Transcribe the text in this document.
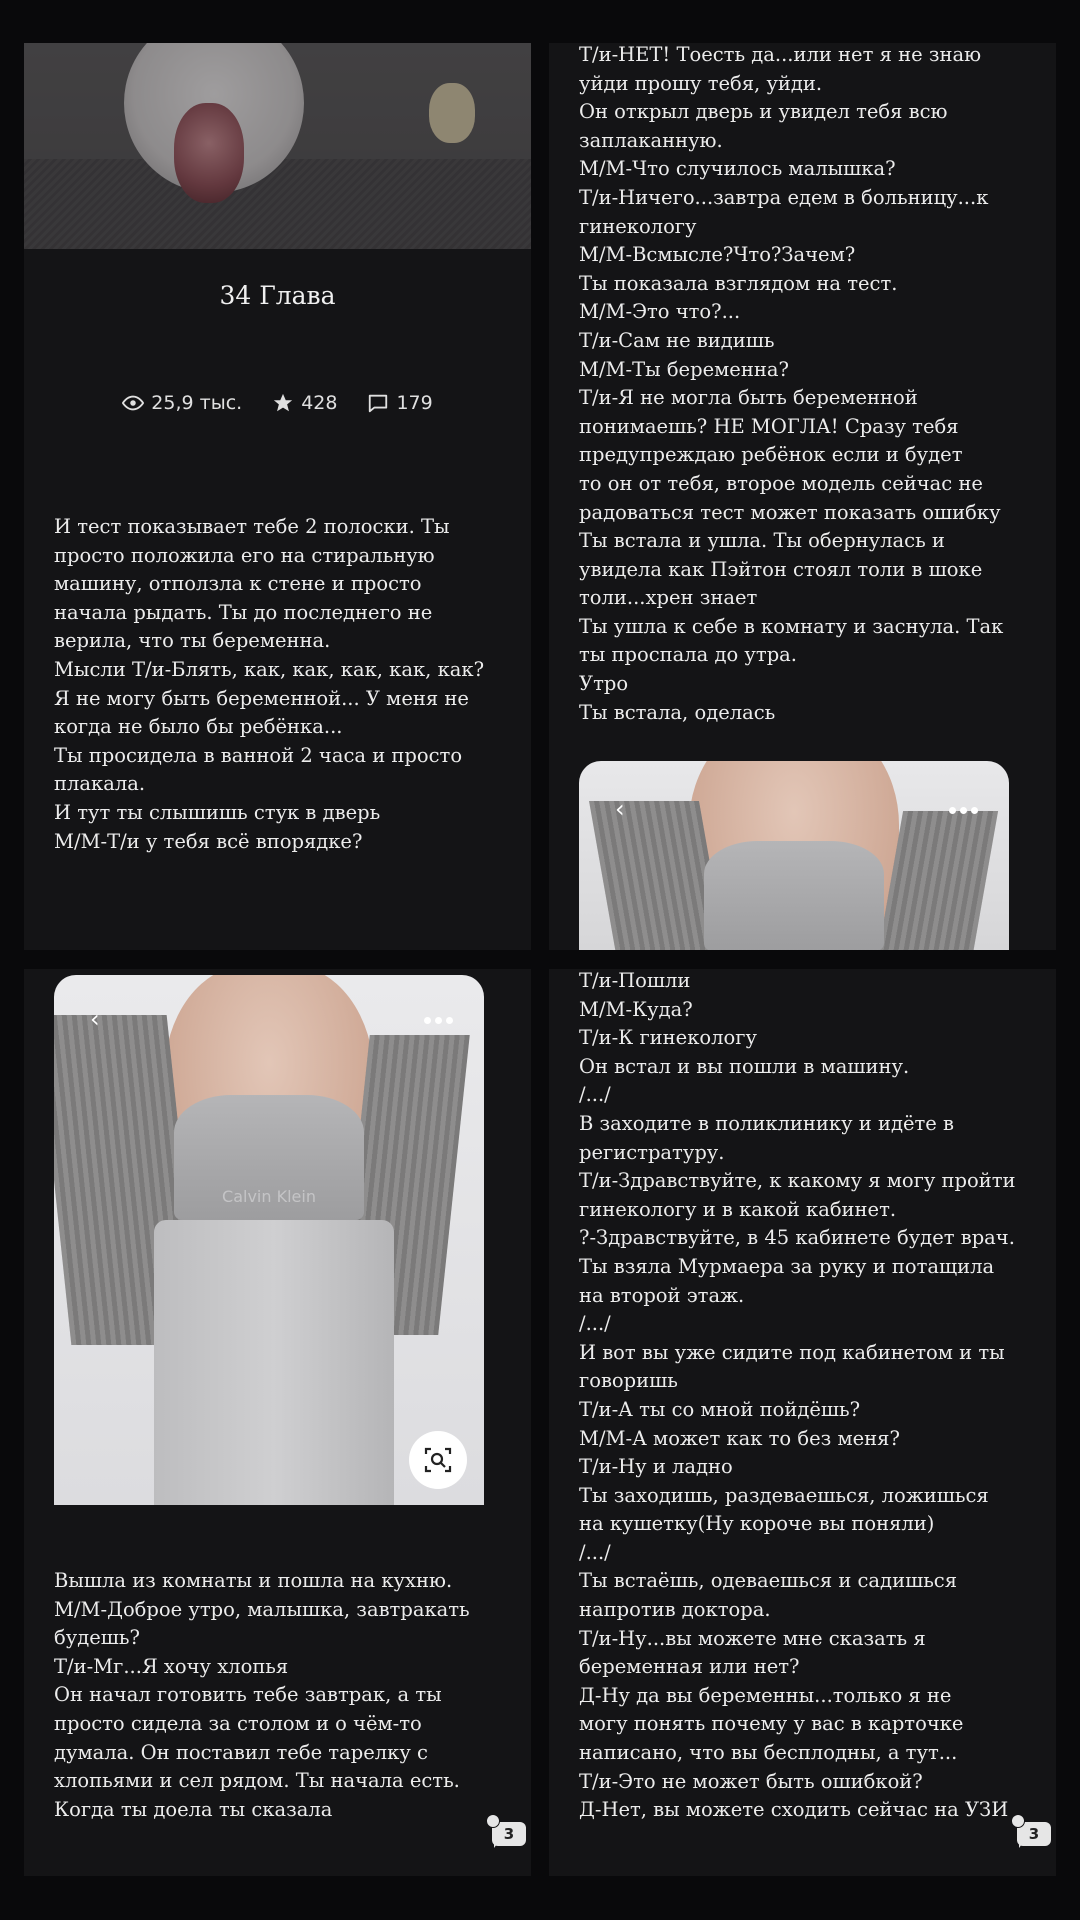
34 Глава
25,9 тыс.	428	179
И тест показывает тебе 2 полоски. Ты
просто положила его на стиральную
машину, отползла к стене и просто
начала рыдать. Ты до последнего не
верила, что ты беременна.
Мысли Т/и-Блять, как, как, как, как, как?
Я не могу быть беременной... У меня не
когда не было бы ребёнка...
Ты просидела в ванной 2 часа и просто
плакала.
И тут ты слышишь стук в дверь
М/М-Т/и у тебя всё впорядке?
Т/и-НЕТ! Тоесть да...или нет я не знаю
уйди прошу тебя, уйди.
Он открыл дверь и увидел тебя всю
заплаканную.
М/М-Что случилось малышка?
Т/и-Ничего...завтра едем в больницу...к
гинекологу
М/М-Всмысле?Что?Зачем?
Ты показала взглядом на тест.
М/М-Это что?...
Т/и-Сам не видишь
М/М-Ты беременна?
Т/и-Я не могла быть беременной
понимаешь? НЕ МОГЛА! Сразу тебя
предупреждаю ребёнок если и будет
то он от тебя, второе модель сейчас не
радоваться тест может показать ошибку
Ты встала и ушла. Ты обернулась и
увидела как Пэйтон стоял толи в шоке
толи...хрен знает
Ты ушла к себе в комнату и заснула. Так
ты проспала до утра.
Утро
Ты встала, оделась
‹
Calvin Klein
‹
Вышла из комнаты и пошла на кухню.
М/М-Доброе утро, малышка, завтракать
будешь?
Т/и-Мг...Я хочу хлопья
Он начал готовить тебе завтрак, а ты
просто сидела за столом и о чём-то
думала. Он поставил тебе тарелку с
хлопьями и сел рядом. Ты начала есть.
Когда ты доела ты сказала
3
Т/и-Пошли
М/М-Куда?
Т/и-К гинекологу
Он встал и вы пошли в машину.
/.../
В заходите в поликлинику и идёте в
регистратуру.
Т/и-Здравствуйте, к какому я могу пройти
гинекологу и в какой кабинет.
?-Здравствуйте, в 45 кабинете будет врач.
Ты взяла Мурмаера за руку и потащила
на второй этаж.
/.../
И вот вы уже сидите под кабинетом и ты
говоришь
Т/и-А ты со мной пойдёшь?
М/М-А может как то без меня?
Т/и-Ну и ладно
Ты заходишь, раздеваешься, ложишься
на кушетку(Ну короче вы поняли)
/.../
Ты встаёшь, одеваешься и садишься
напротив доктора.
Т/и-Ну...вы можете мне сказать я
беременная или нет?
Д-Ну да вы беременны...только я не
могу понять почему у вас в карточке
написано, что вы бесплодны, а тут...
Т/и-Это не может быть ошибкой?
Д-Нет, вы можете сходить сейчас на УЗИ
3
